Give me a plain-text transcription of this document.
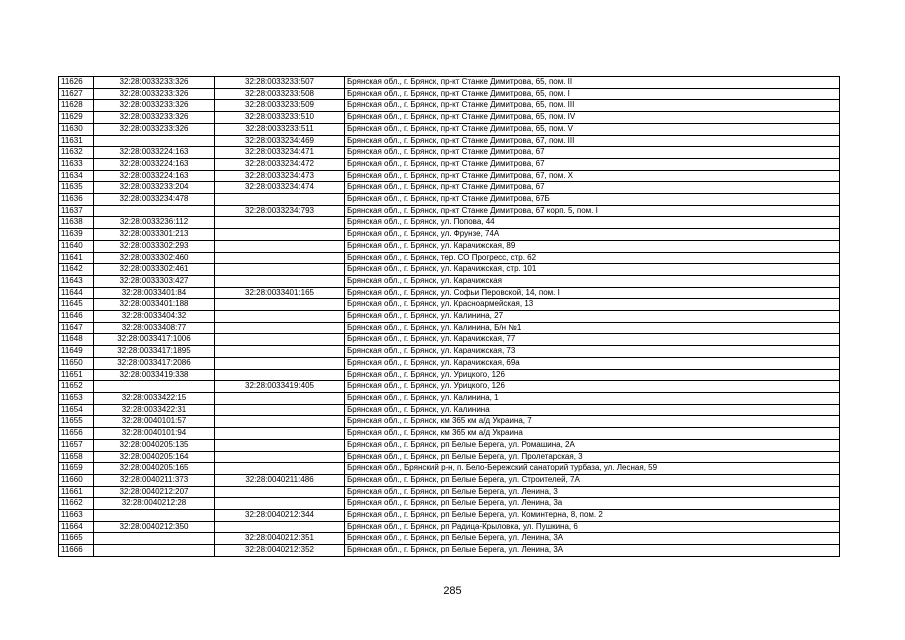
11626	32:28:0033233:326	32:28:0033233:507	Брянская обл., г. Брянск, пр-кт Станке Димитрова, 65, пом. II
11627	32:28:0033233:326	32:28:0033233:508	Брянская обл., г. Брянск, пр-кт Станке Димитрова, 65, пом. I
11628	32:28:0033233:326	32:28:0033233:509	Брянская обл., г. Брянск, пр-кт Станке Димитрова, 65, пом. III
11629	32:28:0033233:326	32:28:0033233:510	Брянская обл., г. Брянск, пр-кт Станке Димитрова, 65, пом. IV
11630	32:28:0033233:326	32:28:0033233:511	Брянская обл., г. Брянск, пр-кт Станке Димитрова, 65, пом. V
11631		32:28:0033234:469	Брянская обл., г. Брянск, пр-кт Станке Димитрова, 67, пом. III
11632	32:28:0033224:163	32:28:0033234:471	Брянская обл., г. Брянск, пр-кт Станке Димитрова, 67
11633	32:28:0033224:163	32:28:0033234:472	Брянская обл., г. Брянск, пр-кт Станке Димитрова, 67
11634	32:28:0033224:163	32:28:0033234:473	Брянская обл., г. Брянск, пр-кт Станке Димитрова, 67, пом. X
11635	32:28:0033233:204	32:28:0033234:474	Брянская обл., г. Брянск, пр-кт Станке Димитрова, 67
11636	32:28:0033234:478		Брянская обл., г. Брянск, пр-кт Станке Димитрова, 67Б
11637		32:28:0033234:793	Брянская обл., г. Брянск, пр-кт Станке Димитрова, 67 корп. 5, пом. I
11638	32:28:0033236:112		Брянская обл., г. Брянск, ул. Попова, 44
11639	32:28:0033301:213		Брянская обл., г. Брянск, ул. Фрунзе, 74А
11640	32:28:0033302:293		Брянская обл., г. Брянск, ул. Карачижская, 89
11641	32:28:0033302:460		Брянская обл., г. Брянск, тер. СО Прогресс, стр. 62
11642	32:28:0033302:461		Брянская обл., г. Брянск, ул. Карачижская, стр. 101
11643	32:28:0033303:427		Брянская обл., г. Брянск, ул. Карачижская
11644	32:28:0033401:84	32:28:0033401:165	Брянская обл., г. Брянск, ул. Софьи Перовской, 14, пом. I
11645	32:28:0033401:188		Брянская обл., г. Брянск, ул. Красноармейская, 13
11646	32:28:0033404:32		Брянская обл., г. Брянск, ул. Калинина, 27
11647	32:28:0033408:77		Брянская обл., г. Брянск, ул. Калинина, Б/н №1
11648	32:28:0033417:1006		Брянская обл., г. Брянск, ул. Карачижская, 77
11649	32:28:0033417:1895		Брянская обл., г. Брянск, ул. Карачижская, 73
11650	32:28:0033417:2086		Брянская обл., г. Брянск, ул. Карачижская, 69а
11651	32:28:0033419:338		Брянская обл., г. Брянск, ул. Урицкого, 126
11652		32:28:0033419:405	Брянская обл., г. Брянск, ул. Урицкого, 126
11653	32:28:0033422:15		Брянская обл., г. Брянск, ул. Калинина, 1
11654	32:28:0033422:31		Брянская обл., г. Брянск, ул. Калинина
11655	32:28:0040101:57		Брянская обл., г. Брянск, км 365 км а/д Украина, 7
11656	32:28:0040101:94		Брянская обл., г. Брянск, км 365 км а/д Украина
11657	32:28:0040205:135		Брянская обл., г. Брянск, рп Белые Берега, ул. Ромашина, 2А
11658	32:28:0040205:164		Брянская обл., г. Брянск, рп Белые Берега, ул. Пролетарская, 3
11659	32:28:0040205:165		Брянская обл., Брянский р-н, п. Бело-Бережский санаторий турбаза, ул. Лесная, 59
11660	32:28:0040211:373	32:28:0040211:486	Брянская обл., г. Брянск, рп Белые Берега, ул. Строителей, 7А
11661	32:28:0040212:207		Брянская обл., г. Брянск, рп Белые Берега, ул. Ленина, 3
11662	32:28:0040212:28		Брянская обл., г. Брянск, рп Белые Берега, ул. Ленина, 3а
11663		32:28:0040212:344	Брянская обл., г. Брянск, рп Белые Берега, ул. Коминтерна, 8, пом. 2
11664	32:28:0040212:350		Брянская обл., г. Брянск, рп Радица-Крыловка, ул. Пушкина, 6
11665		32:28:0040212:351	Брянская обл., г. Брянск, рп Белые Берега, ул. Ленина, 3А
11666		32:28:0040212:352	Брянская обл., г. Брянск, рп Белые Берега, ул. Ленина, 3А
285
